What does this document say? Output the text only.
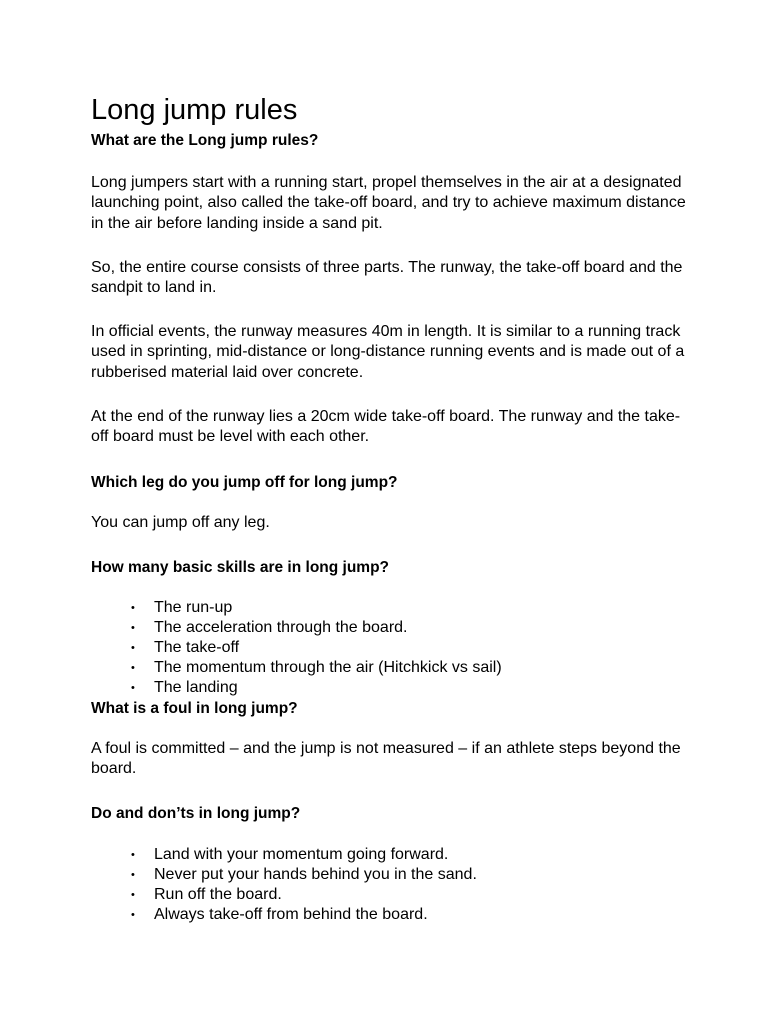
Long jump rules
What are the Long jump rules?

Long jumpers start with a running start, propel themselves in the air at a designated launching point, also called the take-off board, and try to achieve maximum distance in the air before landing inside a sand pit.

So, the entire course consists of three parts. The runway, the take-off board and the sandpit to land in.

In official events, the runway measures 40m in length. It is similar to a running track used in sprinting, mid-distance or long-distance running events and is made out of a rubberised material laid over concrete.

At the end of the runway lies a 20cm wide take-off board. The runway and the take-off board must be level with each other.

Which leg do you jump off for long jump?

You can jump off any leg.

How many basic skills are in long jump?
• The run-up
• The acceleration through the board.
• The take-off
• The momentum through the air (Hitchkick vs sail)
• The landing
What is a foul in long jump?

A foul is committed – and the jump is not measured – if an athlete steps beyond the board.

Do and don’ts in long jump?
• Land with your momentum going forward.
• Never put your hands behind you in the sand.
• Run off the board.
• Always take-off from behind the board.
